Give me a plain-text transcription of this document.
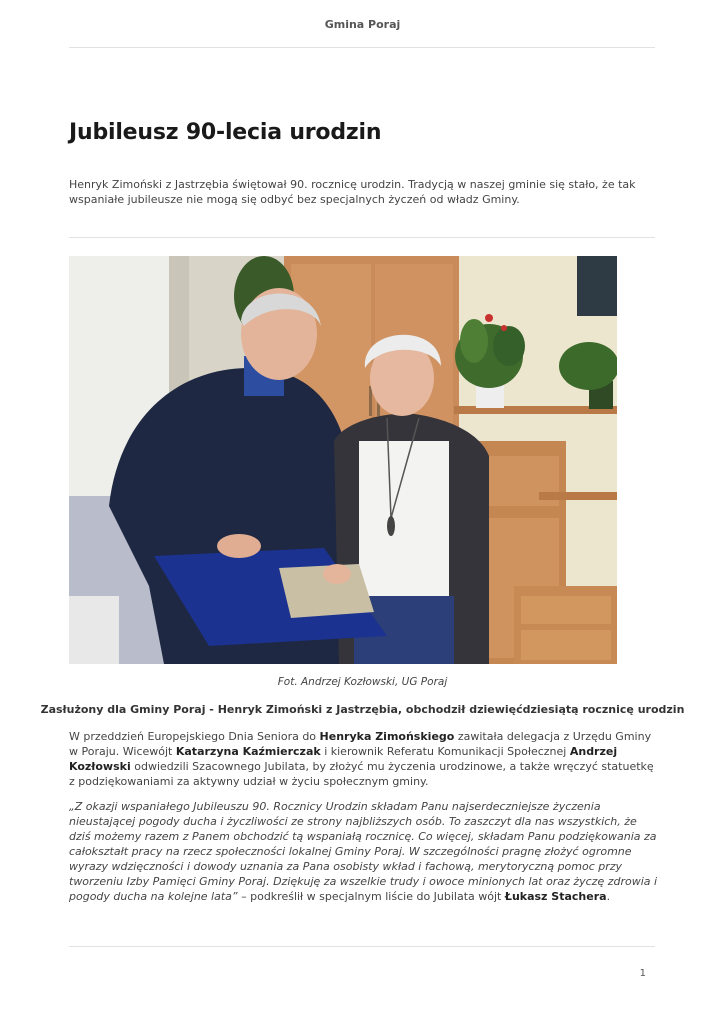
Gmina Poraj
Jubileusz 90-lecia urodzin

Henryk Zimoński z Jastrzębia świętował 90. rocznicę urodzin. Tradycją w naszej gminie się stało, że tak wspaniałe jubileusze nie mogą się odbyć bez specjalnych życzeń od władz Gminy.

Fot. Andrzej Kozłowski, UG Poraj

Zasłużony dla Gminy Poraj - Henryk Zimoński z Jastrzębia, obchodził dziewięćdziesiątą rocznicę urodzin

W przeddzień Europejskiego Dnia Seniora do Henryka Zimońskiego zawitała delegacja z Urzędu Gminy w Poraju. Wicewójt Katarzyna Kaźmierczak i kierownik Referatu Komunikacji Społecznej Andrzej Kozłowski odwiedzili Szacownego Jubilata, by złożyć mu życzenia urodzinowe, a także wręczyć statuetkę z podziękowaniami za aktywny udział w życiu społecznym gminy.

„Z okazji wspaniałego Jubileuszu 90. Rocznicy Urodzin składam Panu najserdeczniejsze życzenia nieustającej pogody ducha i życzliwości ze strony najbliższych osób. To zaszczyt dla nas wszystkich, że dziś możemy razem z Panem obchodzić tą wspaniałą rocznicę. Co więcej, składam Panu podziękowania za całokształt pracy na rzecz społeczności lokalnej Gminy Poraj. W szczególności pragnę złożyć ogromne wyrazy wdzięczności i dowody uznania za Pana osobisty wkład i fachową, merytoryczną pomoc przy tworzeniu Izby Pamięci Gminy Poraj. Dziękuję za wszelkie trudy i owoce minionych lat oraz życzę zdrowia i pogody ducha na kolejne lata” – podkreślił w specjalnym liście do Jubilata wójt Łukasz Stachera.

1
